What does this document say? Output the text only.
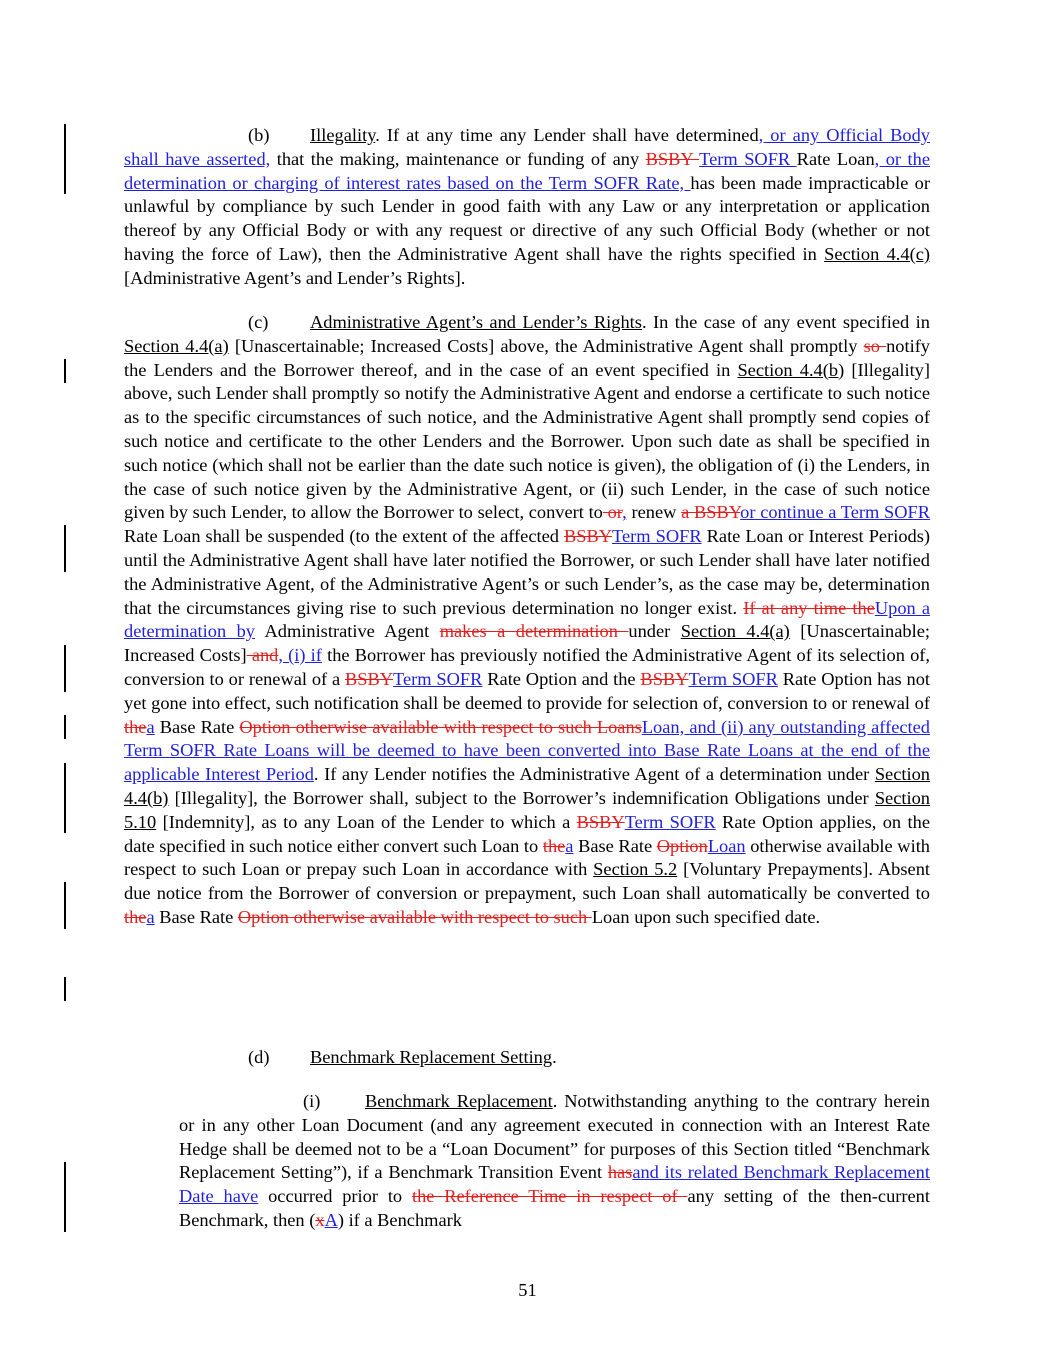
(b) Illegality. If at any time any Lender shall have determined, or any Official Body shall have asserted, that the making, maintenance or funding of any BSBY Term SOFR Rate Loan, or the determination or charging of interest rates based on the Term SOFR Rate, has been made impracticable or unlawful by compliance by such Lender in good faith with any Law or any interpretation or application thereof by any Official Body or with any request or directive of any such Official Body (whether or not having the force of Law), then the Administrative Agent shall have the rights specified in Section 4.4(c) [Administrative Agent’s and Lender’s Rights].

(c) Administrative Agent’s and Lender’s Rights. In the case of any event specified in Section 4.4(a) [Unascertainable; Increased Costs] above, the Administrative Agent shall promptly so notify the Lenders and the Borrower thereof, and in the case of an event specified in Section 4.4(b) [Illegality] above, such Lender shall promptly so notify the Administrative Agent and endorse a certificate to such notice as to the specific circumstances of such notice, and the Administrative Agent shall promptly send copies of such notice and certificate to the other Lenders and the Borrower. Upon such date as shall be specified in such notice (which shall not be earlier than the date such notice is given), the obligation of (i) the Lenders, in the case of such notice given by the Administrative Agent, or (ii) such Lender, in the case of such notice given by such Lender, to allow the Borrower to select, convert to or, renew a BSBYor continue a Term SOFR Rate Loan shall be suspended (to the extent of the affected BSBYTerm SOFR Rate Loan or Interest Periods) until the Administrative Agent shall have later notified the Borrower, or such Lender shall have later notified the Administrative Agent, of the Administrative Agent’s or such Lender’s, as the case may be, determination that the circumstances giving rise to such previous determination no longer exist. If at any time theUpon a determination by Administrative Agent makes a determination under Section 4.4(a) [Unascertainable; Increased Costs] and, (i) if the Borrower has previously notified the Administrative Agent of its selection of, conversion to or renewal of a BSBYTerm SOFR Rate Option and the BSBYTerm SOFR Rate Option has not yet gone into effect, such notification shall be deemed to provide for selection of, conversion to or renewal of thea Base Rate Option otherwise available with respect to such LoansLoan, and (ii) any outstanding affected Term SOFR Rate Loans will be deemed to have been converted into Base Rate Loans at the end of the applicable Interest Period. If any Lender notifies the Administrative Agent of a determination under Section 4.4(b) [Illegality], the Borrower shall, subject to the Borrower’s indemnification Obligations under Section 5.10 [Indemnity], as to any Loan of the Lender to which a BSBYTerm SOFR Rate Option applies, on the date specified in such notice either convert such Loan to thea Base Rate OptionLoan otherwise available with respect to such Loan or prepay such Loan in accordance with Section 5.2 [Voluntary Prepayments]. Absent due notice from the Borrower of conversion or prepayment, such Loan shall automatically be converted to thea Base Rate Option otherwise available with respect to such Loan upon such specified date.

(d) Benchmark Replacement Setting.

(i) Benchmark Replacement. Notwithstanding anything to the contrary herein or in any other Loan Document (and any agreement executed in connection with an Interest Rate Hedge shall be deemed not to be a “Loan Document” for purposes of this Section titled “Benchmark Replacement Setting”), if a Benchmark Transition Event hasand its related Benchmark Replacement Date have occurred prior to the Reference Time in respect of any setting of the then-current Benchmark, then (xA) if a Benchmark

51
